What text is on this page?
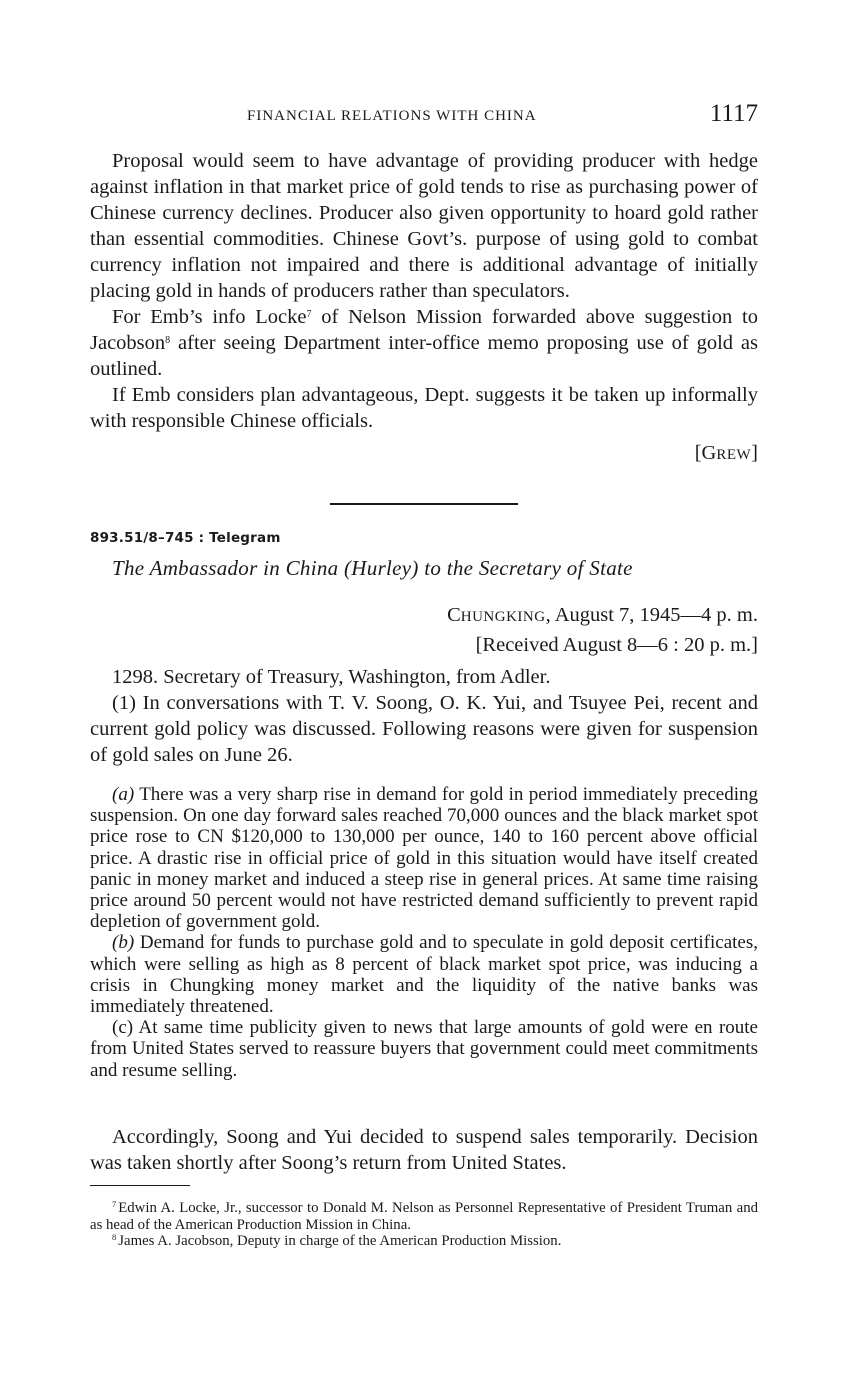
FINANCIAL RELATIONS WITH CHINA	1117

Proposal would seem to have advantage of providing producer with hedge against inflation in that market price of gold tends to rise as purchasing power of Chinese currency declines. Producer also given opportunity to hoard gold rather than essential commodities. Chinese Govt’s. purpose of using gold to combat currency inflation not impaired and there is additional advantage of initially placing gold in hands of producers rather than speculators.

For Emb’s info Locke$^7$ of Nelson Mission forwarded above suggestion to Jacobson$^8$ after seeing Department inter-office memo proposing use of gold as outlined.

If Emb considers plan advantageous, Dept. suggests it be taken up informally with responsible Chinese officials.

[GREW]
893.51/8–745 : Telegram
The Ambassador in China (Hurley) to the Secretary of State
CHUNGKING, August 7, 1945—4 p. m.
[Received August 8—6 : 20 p. m.]

1298. Secretary of Treasury, Washington, from Adler.

(1) In conversations with T. V. Soong, O. K. Yui, and Tsuyee Pei, recent and current gold policy was discussed. Following reasons were given for suspension of gold sales on June 26.

(a) There was a very sharp rise in demand for gold in period immediately preceding suspension. On one day forward sales reached 70,000 ounces and the black market spot price rose to CN $120,000 to 130,000 per ounce, 140 to 160 percent above official price. A drastic rise in official price of gold in this situation would have itself created panic in money market and induced a steep rise in general prices. At same time raising price around 50 percent would not have restricted demand sufficiently to prevent rapid depletion of government gold.

(b) Demand for funds to purchase gold and to speculate in gold deposit certificates, which were selling as high as 8 percent of black market spot price, was inducing a crisis in Chungking money market and the liquidity of the native banks was immediately threatened.

(c) At same time publicity given to news that large amounts of gold were en route from United States served to reassure buyers that government could meet commitments and resume selling.

Accordingly, Soong and Yui decided to suspend sales temporarily. Decision was taken shortly after Soong’s return from United States.

$^7$ Edwin A. Locke, Jr., successor to Donald M. Nelson as Personnel Representative of President Truman and as head of the American Production Mission in China.

$^8$ James A. Jacobson, Deputy in charge of the American Production Mission.
